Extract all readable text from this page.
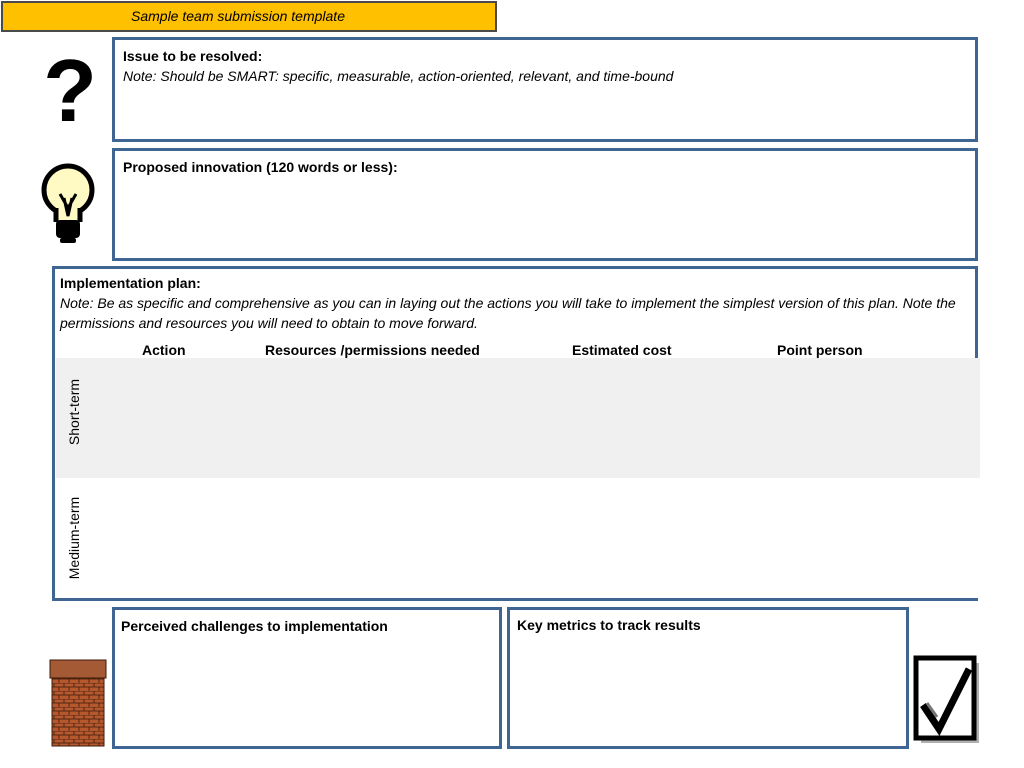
Sample team submission template
? Issue to be resolved:
Note: Should be SMART: specific, measurable, action-oriented, relevant, and time-bound
Proposed innovation (120 words or less):
Implementation plan:
Note: Be as specific and comprehensive as you can in laying out the actions you will take to implement the simplest version of this plan. Note the permissions and resources you will need to obtain to move forward.
Action	Resources /permissions needed	Estimated cost	Point person
Short-term
Medium-term
Perceived challenges to implementation	Key metrics to track results
